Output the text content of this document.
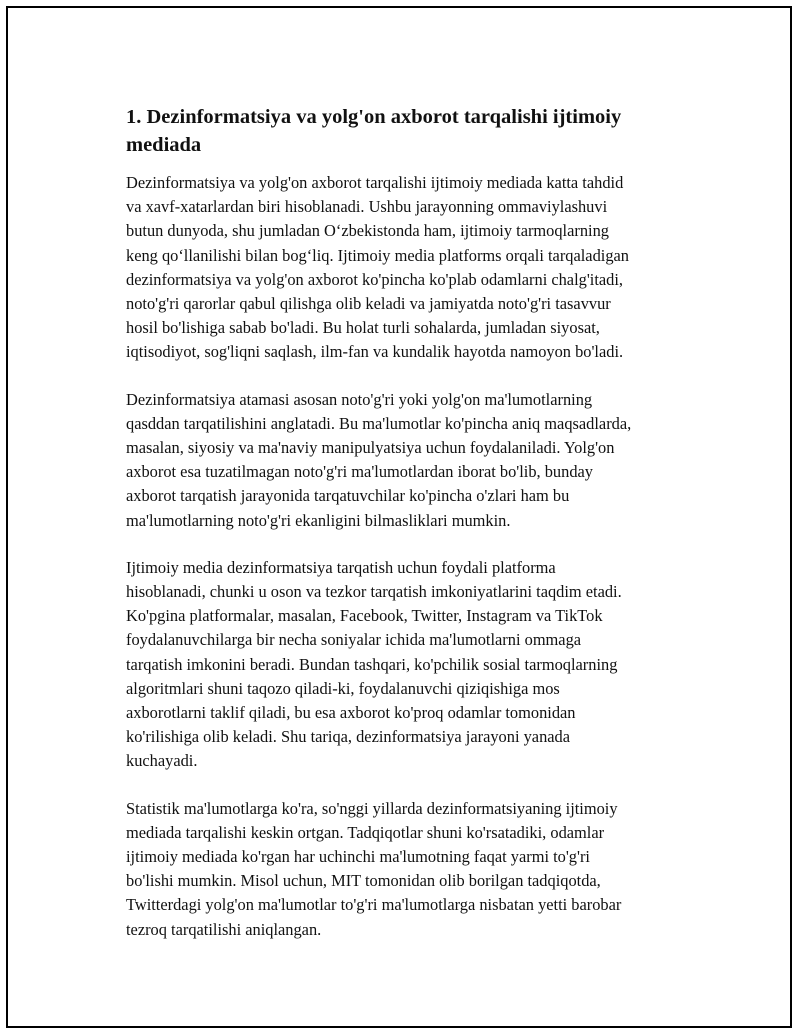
1. Dezinformatsiya va yolg'on axborot tarqalishi ijtimoiy
mediada

Dezinformatsiya va yolg'on axborot tarqalishi ijtimoiy mediada katta tahdid
va xavf-xatarlardan biri hisoblanadi. Ushbu jarayonning ommaviylashuvi
butun dunyoda, shu jumladan O‘zbekistonda ham, ijtimoiy tarmoqlarning
keng qo‘llanilishi bilan bog‘liq. Ijtimoiy media platforms orqali tarqaladigan
dezinformatsiya va yolg'on axborot ko'pincha ko'plab odamlarni chalg'itadi,
noto'g'ri qarorlar qabul qilishga olib keladi va jamiyatda noto'g'ri tasavvur
hosil bo'lishiga sabab bo'ladi. Bu holat turli sohalarda, jumladan siyosat,
iqtisodiyot, sog'liqni saqlash, ilm-fan va kundalik hayotda namoyon bo'ladi.

Dezinformatsiya atamasi asosan noto'g'ri yoki yolg'on ma'lumotlarning
qasddan tarqatilishini anglatadi. Bu ma'lumotlar ko'pincha aniq maqsadlarda,
masalan, siyosiy va ma'naviy manipulyatsiya uchun foydalaniladi. Yolg'on
axborot esa tuzatilmagan noto'g'ri ma'lumotlardan iborat bo'lib, bunday
axborot tarqatish jarayonida tarqatuvchilar ko'pincha o'zlari ham bu
ma'lumotlarning noto'g'ri ekanligini bilmasliklari mumkin.

Ijtimoiy media dezinformatsiya tarqatish uchun foydali platforma
hisoblanadi, chunki u oson va tezkor tarqatish imkoniyatlarini taqdim etadi.
Ko'pgina platformalar, masalan, Facebook, Twitter, Instagram va TikTok
foydalanuvchilarga bir necha soniyalar ichida ma'lumotlarni ommaga
tarqatish imkonini beradi. Bundan tashqari, ko'pchilik sosial tarmoqlarning
algoritmlari shuni taqozo qiladi-ki, foydalanuvchi qiziqishiga mos
axborotlarni taklif qiladi, bu esa axborot ko'proq odamlar tomonidan
ko'rilishiga olib keladi. Shu tariqa, dezinformatsiya jarayoni yanada
kuchayadi.

Statistik ma'lumotlarga ko'ra, so'nggi yillarda dezinformatsiyaning ijtimoiy
mediada tarqalishi keskin ortgan. Tadqiqotlar shuni ko'rsatadiki, odamlar
ijtimoiy mediada ko'rgan har uchinchi ma'lumotning faqat yarmi to'g'ri
bo'lishi mumkin. Misol uchun, MIT tomonidan olib borilgan tadqiqotda,
Twitterdagi yolg'on ma'lumotlar to'g'ri ma'lumotlarga nisbatan yetti barobar
tezroq tarqatilishi aniqlangan.
